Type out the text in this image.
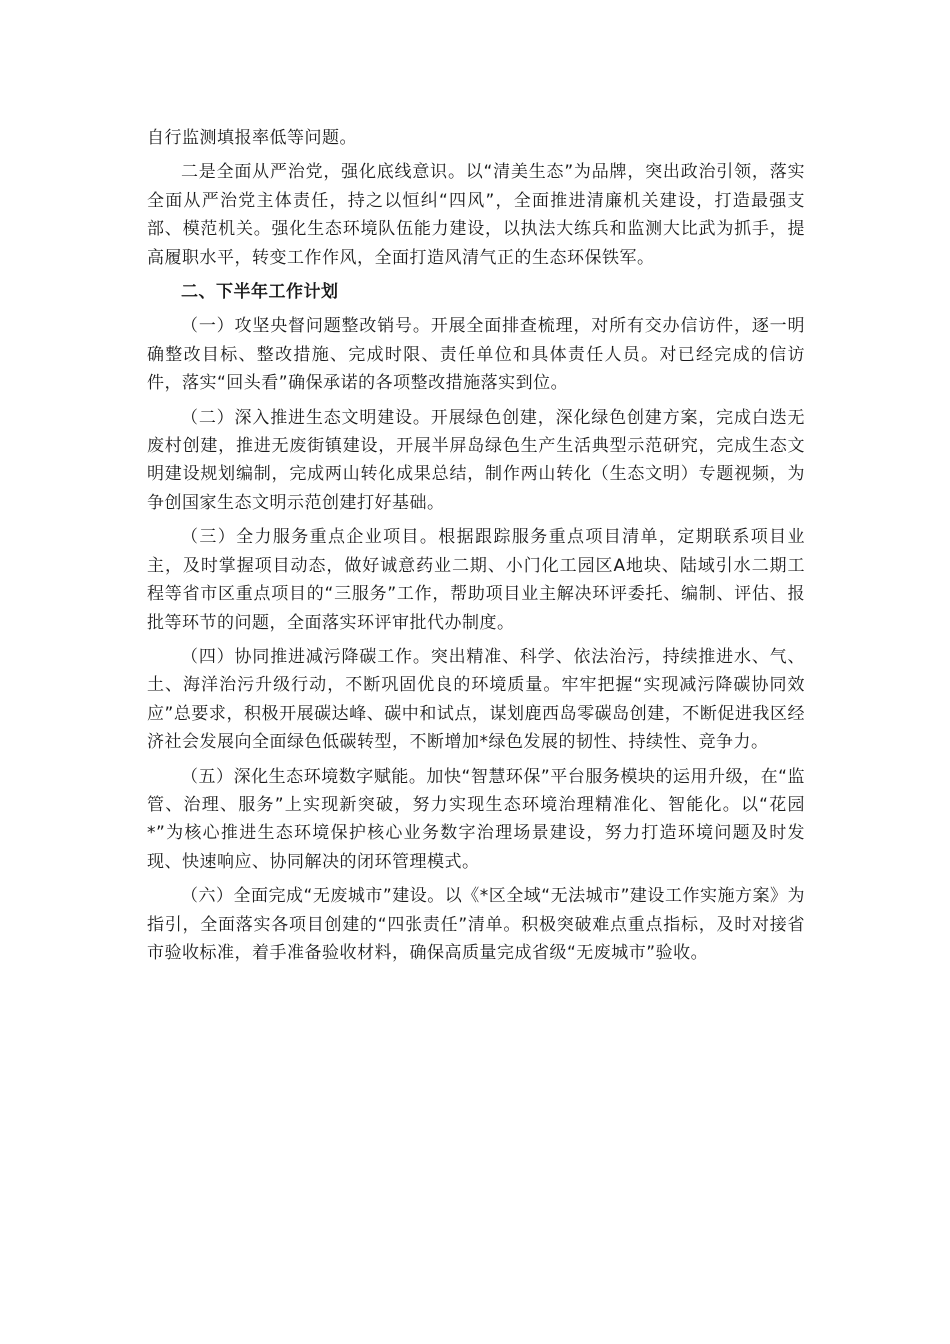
自行监测填报率低等问题。

二是全面从严治党，强化底线意识。以“清美生态”为品牌，突出政治引领，落实全面从严治党主体责任，持之以恒纠“四风”，全面推进清廉机关建设，打造最强支部、模范机关。强化生态环境队伍能力建设，以执法大练兵和监测大比武为抓手，提高履职水平，转变工作作风，全面打造风清气正的生态环保铁军。

二、下半年工作计划

（一）攻坚央督问题整改销号。开展全面排查梳理，对所有交办信访件，逐一明确整改目标、整改措施、完成时限、责任单位和具体责任人员。对已经完成的信访件，落实“回头看”确保承诺的各项整改措施落实到位。

（二）深入推进生态文明建设。开展绿色创建，深化绿色创建方案，完成白迭无废村创建，推进无废街镇建设，开展半屏岛绿色生产生活典型示范研究，完成生态文明建设规划编制，完成两山转化成果总结，制作两山转化（生态文明）专题视频，为争创国家生态文明示范创建打好基础。

（三）全力服务重点企业项目。根据跟踪服务重点项目清单，定期联系项目业主，及时掌握项目动态，做好诚意药业二期、小门化工园区A地块、陆域引水二期工程等省市区重点项目的“三服务”工作，帮助项目业主解决环评委托、编制、评估、报批等环节的问题，全面落实环评审批代办制度。

（四）协同推进减污降碳工作。突出精准、科学、依法治污，持续推进水、气、土、海洋治污升级行动，不断巩固优良的环境质量。牢牢把握“实现减污降碳协同效应”总要求，积极开展碳达峰、碳中和试点，谋划鹿西岛零碳岛创建，不断促进我区经济社会发展向全面绿色低碳转型，不断增加*绿色发展的韧性、持续性、竞争力。

（五）深化生态环境数字赋能。加快“智慧环保”平台服务模块的运用升级，在“监管、治理、服务”上实现新突破，努力实现生态环境治理精准化、智能化。以“花园*”为核心推进生态环境保护核心业务数字治理场景建设，努力打造环境问题及时发现、快速响应、协同解决的闭环管理模式。

（六）全面完成“无废城市”建设。以《*区全域“无法城市”建设工作实施方案》为指引，全面落实各项目创建的“四张责任”清单。积极突破难点重点指标，及时对接省市验收标准，着手准备验收材料，确保高质量完成省级“无废城市”验收。
